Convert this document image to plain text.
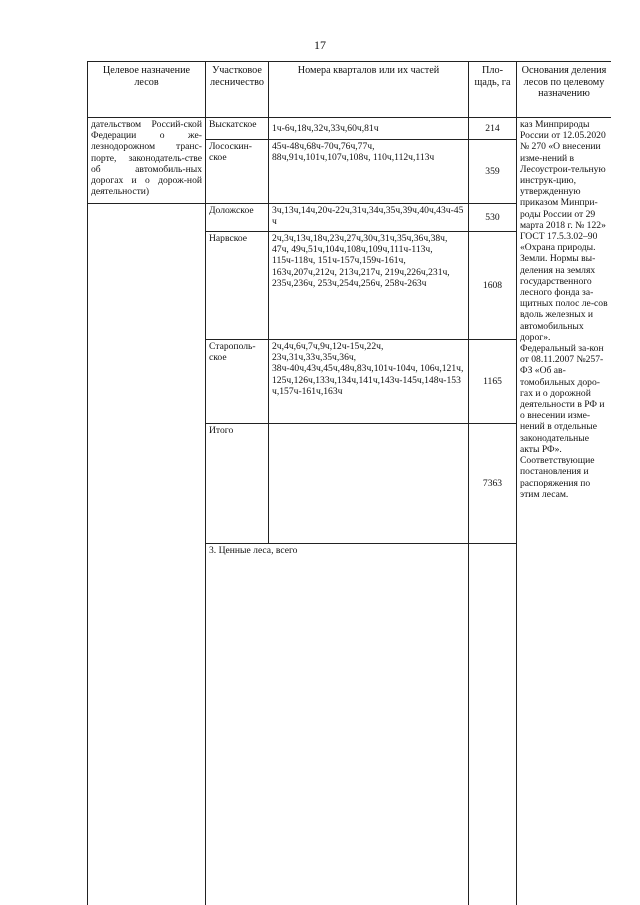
17
Целевое назначение лесов	Участковое лесничество	Номера кварталов или их частей	Пло-щадь, га	Основания деления лесов по целевому назначению	
дательством Россий-ской Федерации о же-лезнодорожном транс-порте, законодатель-стве об автомобиль-ных дорогах и о дорож-ной деятельности)	Выскатское	1ч-6ч,18ч,32ч,33ч,60ч,81ч	214	каз Минприроды России от 12.05.2020 № 270 «О внесении изме-нений в Лесоустрои-тельную инструк-цию, утвержденную приказом Минпри-роды России от 29 марта 2018 г. № 122» ГОСТ 17.5.3.02–90 «Охрана природы. Земли. Нормы вы-деления на землях государственного лесного фонда за-щитных полос ле-сов вдоль железных и автомобильных дорог». Федеральный за-кон от 08.11.2007 №257-ФЗ «Об ав-томобильных доро-гах и о дорожной деятельности в РФ и о внесении изме-нений в отдельные законодательные акты РФ». Соответствующие постановления и распоряжения по этим лесам.	
	Лососкин-ское	45ч-48ч,68ч-70ч,76ч,77ч, 88ч,91ч,101ч,107ч,108ч, 110ч,112ч,113ч	359		
	Доложское	3ч,13ч,14ч,20ч-22ч,31ч,34ч,35ч,39ч,40ч,43ч-45ч	530		
	Нарвское	2ч,3ч,13ч,18ч,23ч,27ч,30ч,31ч,35ч,36ч,38ч, 47ч, 49ч,51ч,104ч,108ч,109ч,111ч-113ч, 115ч-118ч, 151ч-157ч,159ч-161ч, 163ч,207ч,212ч, 213ч,217ч, 219ч,226ч,231ч, 235ч,236ч, 253ч,254ч,256ч, 258ч-263ч	1608		
	Старополь-ское	2ч,4ч,6ч,7ч,9ч,12ч-15ч,22ч, 23ч,31ч,33ч,35ч,36ч, 38ч-40ч,43ч,45ч,48ч,83ч,101ч-104ч, 106ч,121ч, 125ч,126ч,133ч,134ч,141ч,143ч-145ч,148ч-153ч,157ч-161ч,163ч	1165		
	Итого		7363		
	3. Ценные леса, всего			
